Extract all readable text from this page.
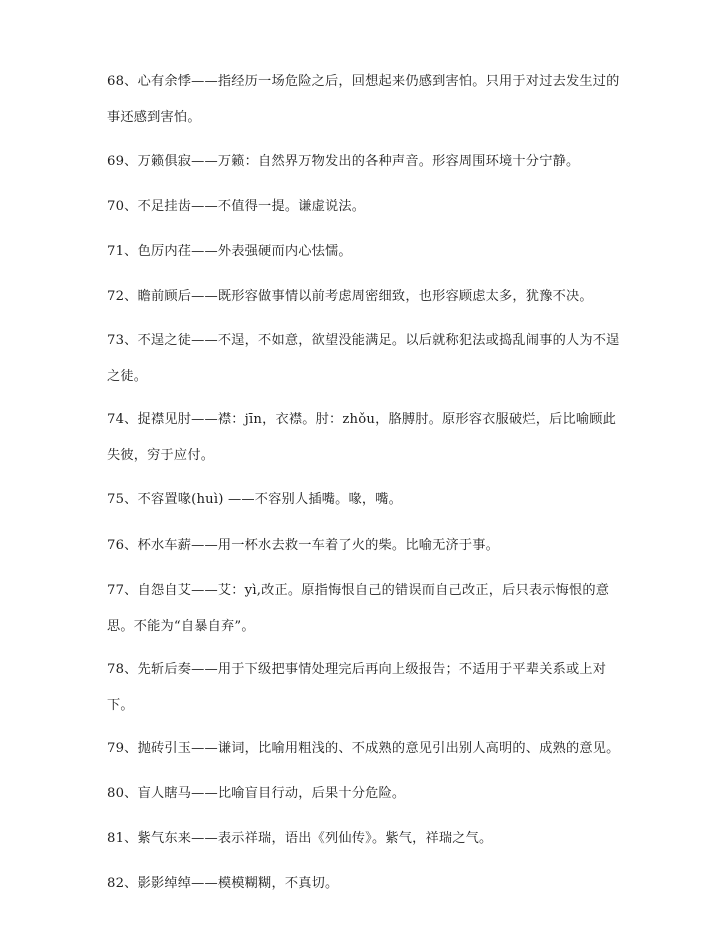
68、心有余悸——指经历一场危险之后，回想起来仍感到害怕。只用于对过去发生过的事还感到害怕。

69、万籁俱寂——万籁：自然界万物发出的各种声音。形容周围环境十分宁静。

70、不足挂齿——不值得一提。谦虚说法。

71、色厉内荏——外表强硬而内心怯懦。

72、瞻前顾后——既形容做事情以前考虑周密细致，也形容顾虑太多，犹豫不决。

73、不逞之徒——不逞，不如意，欲望没能满足。以后就称犯法或捣乱闹事的人为不逞之徒。

74、捉襟见肘——襟：jīn，衣襟。肘：zhǒu，胳膊肘。原形容衣服破烂，后比喻顾此失彼，穷于应付。

75、不容置喙(huì) ——不容别人插嘴。喙，嘴。

76、杯水车薪——用一杯水去救一车着了火的柴。比喻无济于事。

77、自怨自艾——艾：yì,改正。原指悔恨自己的错误而自己改正，后只表示悔恨的意思。不能为“自暴自弃”。

78、先斩后奏——用于下级把事情处理完后再向上级报告；不适用于平辈关系或上对下。

79、抛砖引玉——谦词，比喻用粗浅的、不成熟的意见引出别人高明的、成熟的意见。

80、盲人瞎马——比喻盲目行动，后果十分危险。

81、紫气东来——表示祥瑞，语出《列仙传》。紫气，祥瑞之气。

82、影影绰绰——模模糊糊，不真切。
